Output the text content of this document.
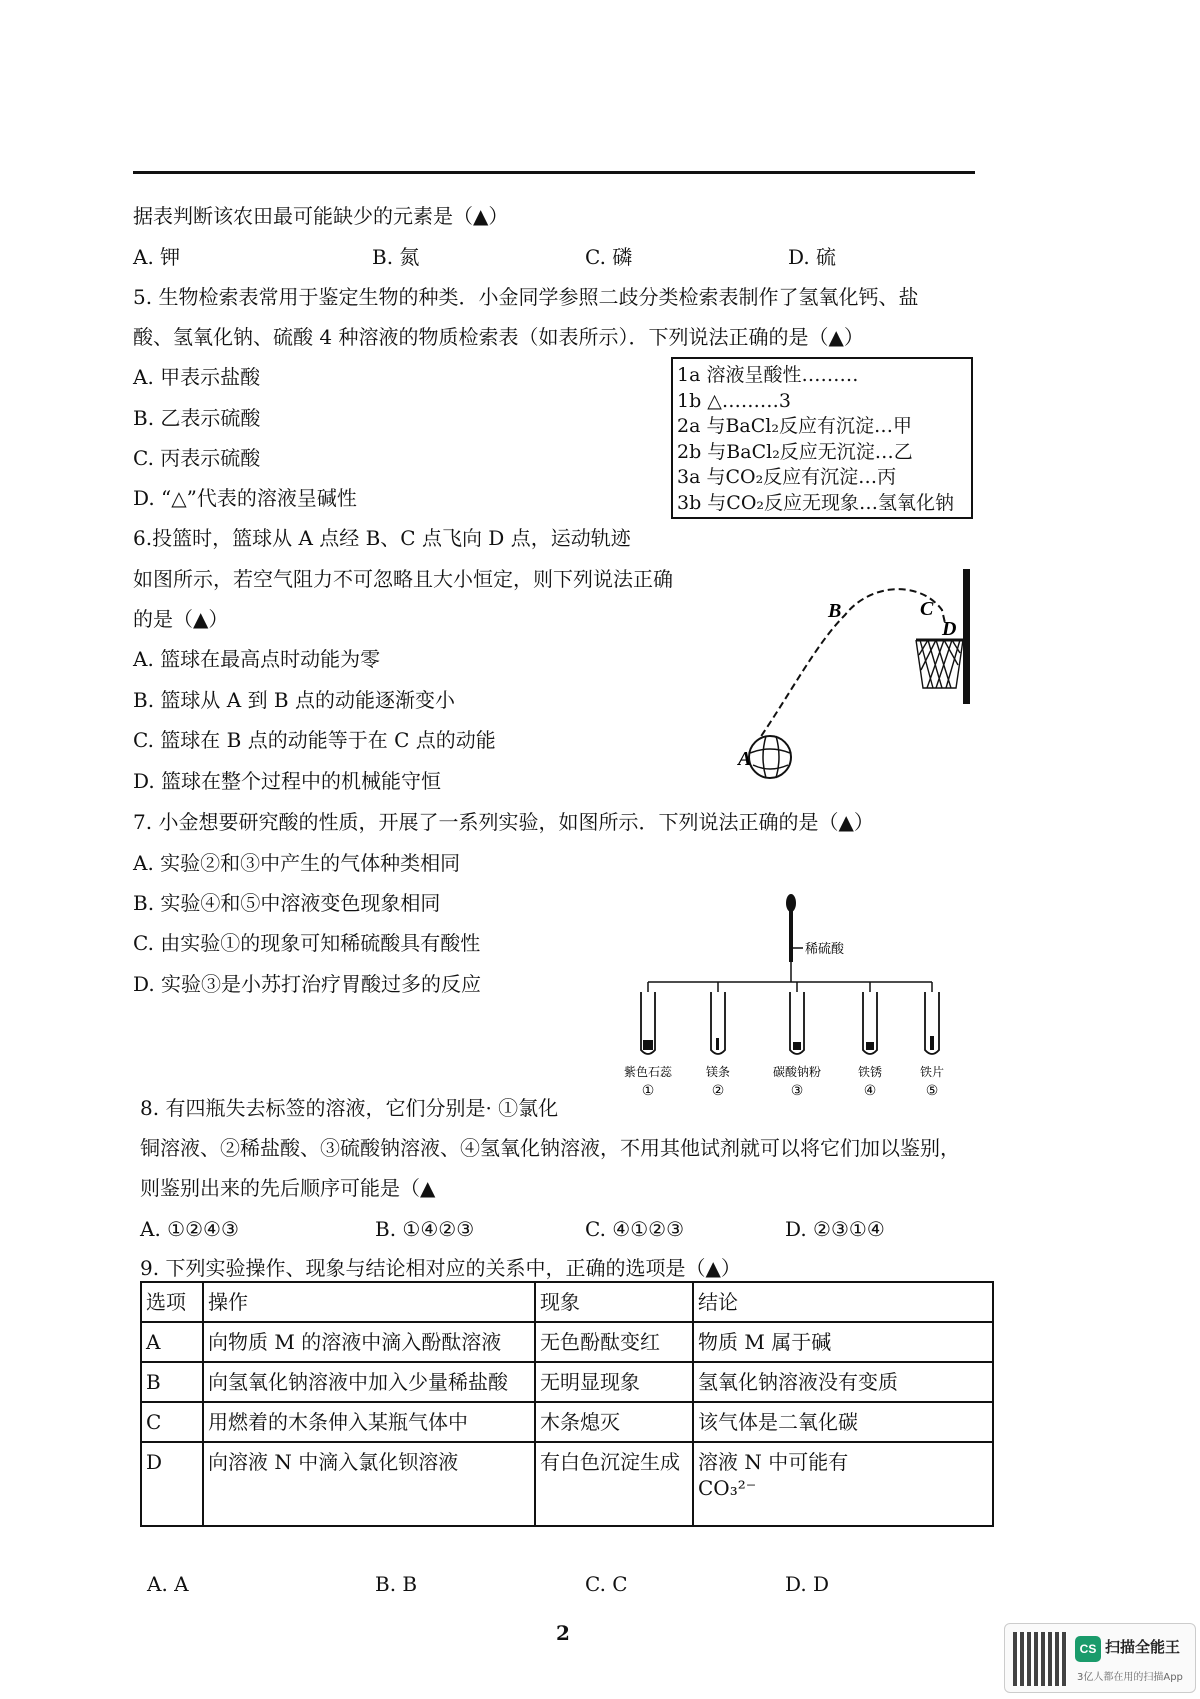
据表判断该农田最可能缺少的元素是（▲）
A. 钾	B. 氮	C. 磷	D. 硫
5. 生物检索表常用于鉴定生物的种类．小金同学参照二歧分类检索表制作了氢氧化钙、盐
酸、氢氧化钠、硫酸 4 种溶液的物质检索表（如表所示）．下列说法正确的是（▲）
A. 甲表示盐酸
B. 乙表示硫酸
C. 丙表示硫酸
D. “△”代表的溶液呈碱性
1a 溶液呈酸性………
1b △………3
2a 与BaCl₂反应有沉淀…甲
2b 与BaCl₂反应无沉淀…乙
3a 与CO₂反应有沉淀…丙
3b 与CO₂反应无现象…氢氧化钠
6.投篮时，篮球从 A 点经 B、C 点飞向 D 点，运动轨迹
如图所示，若空气阻力不可忽略且大小恒定，则下列说法正确
的是（▲）
A. 篮球在最高点时动能为零
B. 篮球从 A 到 B 点的动能逐渐变小
C. 篮球在 B 点的动能等于在 C 点的动能
D. 篮球在整个过程中的机械能守恒
A
B	C
D
7. 小金想要研究酸的性质，开展了一系列实验，如图所示．下列说法正确的是（▲）
A. 实验②和③中产生的气体种类相同
B. 实验④和⑤中溶液变色现象相同
C. 由实验①的现象可知稀硫酸具有酸性
D. 实验③是小苏打治疗胃酸过多的反应
稀硫酸
紫色石蕊	镁条	碳酸钠粉	铁锈	铁片
①	②	③	④	⑤
8. 有四瓶失去标签的溶液，它们分别是· ①氯化
铜溶液、②稀盐酸、③硫酸钠溶液、④氢氧化钠溶液，不用其他试剂就可以将它们加以鉴别，
则鉴别出来的先后顺序可能是（▲
A. ①②④③	B. ①④②③	C. ④①②③	D. ②③①④
9. 下列实验操作、现象与结论相对应的关系中，正确的选项是（▲）
选项	操作	现象	结论
A	向物质 M 的溶液中滴入酚酞溶液	无色酚酞变红	物质 M 属于碱
B	向氢氧化钠溶液中加入少量稀盐酸	无明显现象	氢氧化钠溶液没有变质
C	用燃着的木条伸入某瓶气体中	木条熄灭	该气体是二氧化碳
D	向溶液 N 中滴入氯化钡溶液	有白色沉淀生成	溶液 N 中可能有
CO₃²⁻
A. A	B. B	C. C	D. D
2
CS 扫描全能王
3亿人都在用的扫描App
